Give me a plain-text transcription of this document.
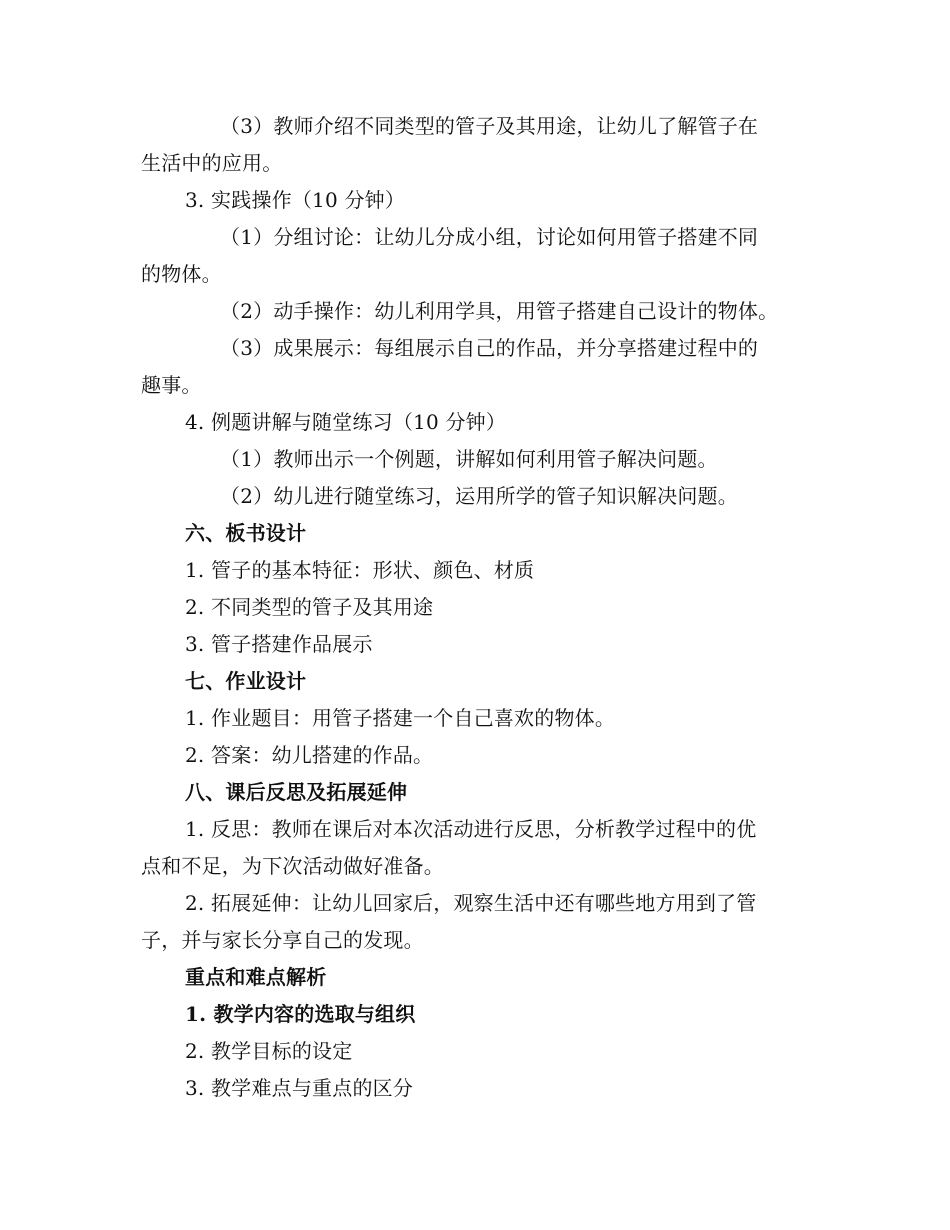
（3）教师介绍不同类型的管子及其用途，让幼儿了解管子在
生活中的应用。
3. 实践操作（10 分钟）
（1）分组讨论：让幼儿分成小组，讨论如何用管子搭建不同
的物体。
（2）动手操作：幼儿利用学具，用管子搭建自己设计的物体。
（3）成果展示：每组展示自己的作品，并分享搭建过程中的
趣事。
4. 例题讲解与随堂练习（10 分钟）
（1）教师出示一个例题，讲解如何利用管子解决问题。
（2）幼儿进行随堂练习，运用所学的管子知识解决问题。
六、板书设计
1. 管子的基本特征：形状、颜色、材质
2. 不同类型的管子及其用途
3. 管子搭建作品展示
七、作业设计
1. 作业题目：用管子搭建一个自己喜欢的物体。
2. 答案：幼儿搭建的作品。
八、课后反思及拓展延伸
1. 反思：教师在课后对本次活动进行反思，分析教学过程中的优
点和不足，为下次活动做好准备。
2. 拓展延伸：让幼儿回家后，观察生活中还有哪些地方用到了管
子，并与家长分享自己的发现。
重点和难点解析
1. 教学内容的选取与组织
2. 教学目标的设定
3. 教学难点与重点的区分
